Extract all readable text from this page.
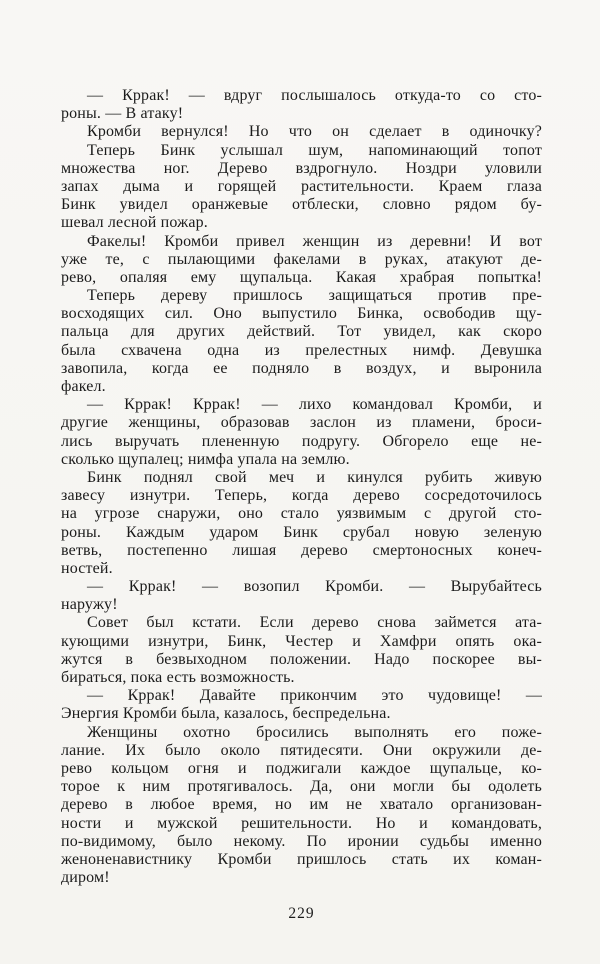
— Кррак! — вдруг послышалось откуда-то со сто-
роны. — В атаку!
Кромби вернулся! Но что он сделает в одиночку?
Теперь Бинк услышал шум, напоминающий топот
множества ног. Дерево вздрогнуло. Ноздри уловили
запах дыма и горящей растительности. Краем глаза
Бинк увидел оранжевые отблески, словно рядом бу-
шевал лесной пожар.
Факелы! Кромби привел женщин из деревни! И вот
уже те, с пылающими факелами в руках, атакуют де-
рево, опаляя ему щупальца. Какая храбрая попытка!
Теперь дереву пришлось защищаться против пре-
восходящих сил. Оно выпустило Бинка, освободив щу-
пальца для других действий. Тот увидел, как скоро
была схвачена одна из прелестных нимф. Девушка
завопила, когда ее подняло в воздух, и выронила
факел.
— Кррак! Кррак! — лихо командовал Кромби, и
другие женщины, образовав заслон из пламени, броси-
лись выручать плененную подругу. Обгорело еще не-
сколько щупалец; нимфа упала на землю.
Бинк поднял свой меч и кинулся рубить живую
завесу изнутри. Теперь, когда дерево сосредоточилось
на угрозе снаружи, оно стало уязвимым с другой сто-
роны. Каждым ударом Бинк срубал новую зеленую
ветвь, постепенно лишая дерево смертоносных конеч-
ностей.
— Кррак! — возопил Кромби. — Вырубайтесь
наружу!
Совет был кстати. Если дерево снова займется ата-
кующими изнутри, Бинк, Честер и Хамфри опять ока-
жутся в безвыходном положении. Надо поскорее вы-
бираться, пока есть возможность.
— Кррак! Давайте прикончим это чудовище! —
Энергия Кромби была, казалось, беспредельна.
Женщины охотно бросились выполнять его поже-
лание. Их было около пятидесяти. Они окружили де-
рево кольцом огня и поджигали каждое щупальце, ко-
торое к ним протягивалось. Да, они могли бы одолеть
дерево в любое время, но им не хватало организован-
ности и мужской решительности. Но и командовать,
по-видимому, было некому. По иронии судьбы именно
женоненавистнику Кромби пришлось стать их коман-
диром!
229
